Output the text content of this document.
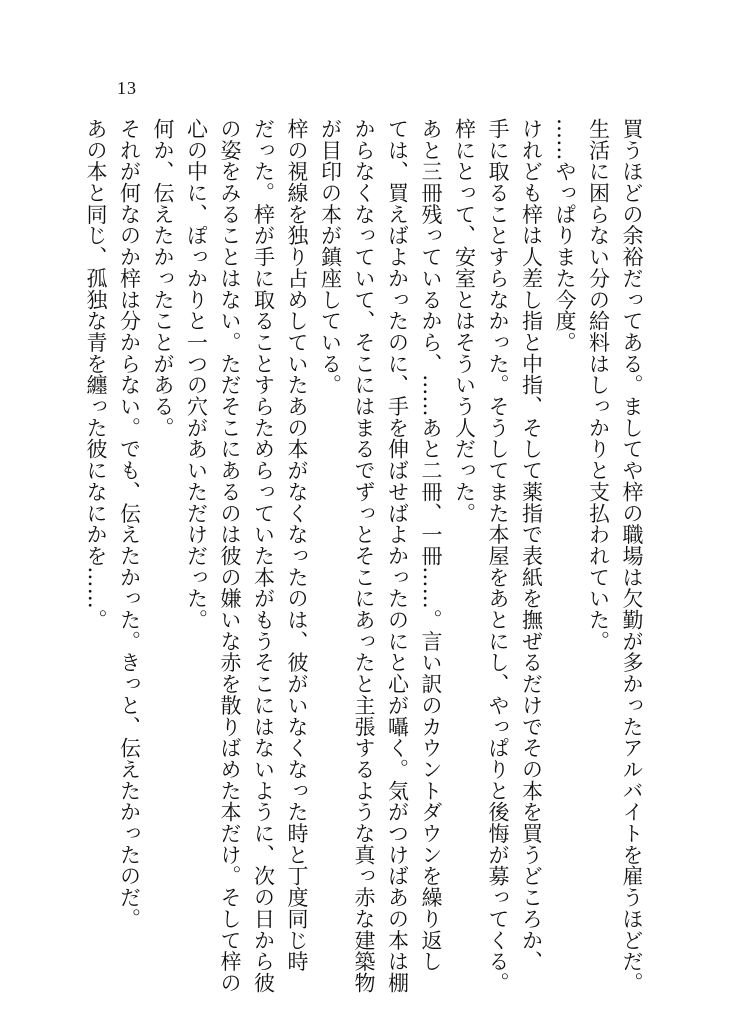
13
買うほどの余裕だってある。ましてや梓の職場は欠勤が多かったアルバイトを雇うほどだ。
生活に困らない分の給料はしっかりと支払われていた。
……やっぱりまた今度。
けれども梓は人差し指と中指、そして薬指で表紙を撫ぜるだけでその本を買うどころか、
手に取ることすらなかった。そうしてまた本屋をあとにし、やっぱりと後悔が募ってくる。
梓にとって、安室とはそういう人だった。
あと三冊残っているから、……あと二冊、一冊……。言い訳のカウントダウンを繰り返し
ては、買えばよかったのに、手を伸ばせばよかったのにと心が囁く。気がつけばあの本は棚
からなくなっていて、そこにはまるでずっとそこにあったと主張するような真っ赤な建築物
が目印の本が鎮座している。
梓の視線を独り占めしていたあの本がなくなったのは、彼がいなくなった時と丁度同じ時
だった。梓が手に取ることすらためらっていた本がもうそこにはないように、次の日から彼
の姿をみることはない。ただそこにあるのは彼の嫌いな赤を散りばめた本だけ。そして梓の
心の中に、ぽっかりと一つの穴があいただけだった。
何か、伝えたかったことがある。
それが何なのか梓は分からない。でも、伝えたかった。きっと、伝えたかったのだ。
あの本と同じ、孤独な青を纏った彼になにかを……。
